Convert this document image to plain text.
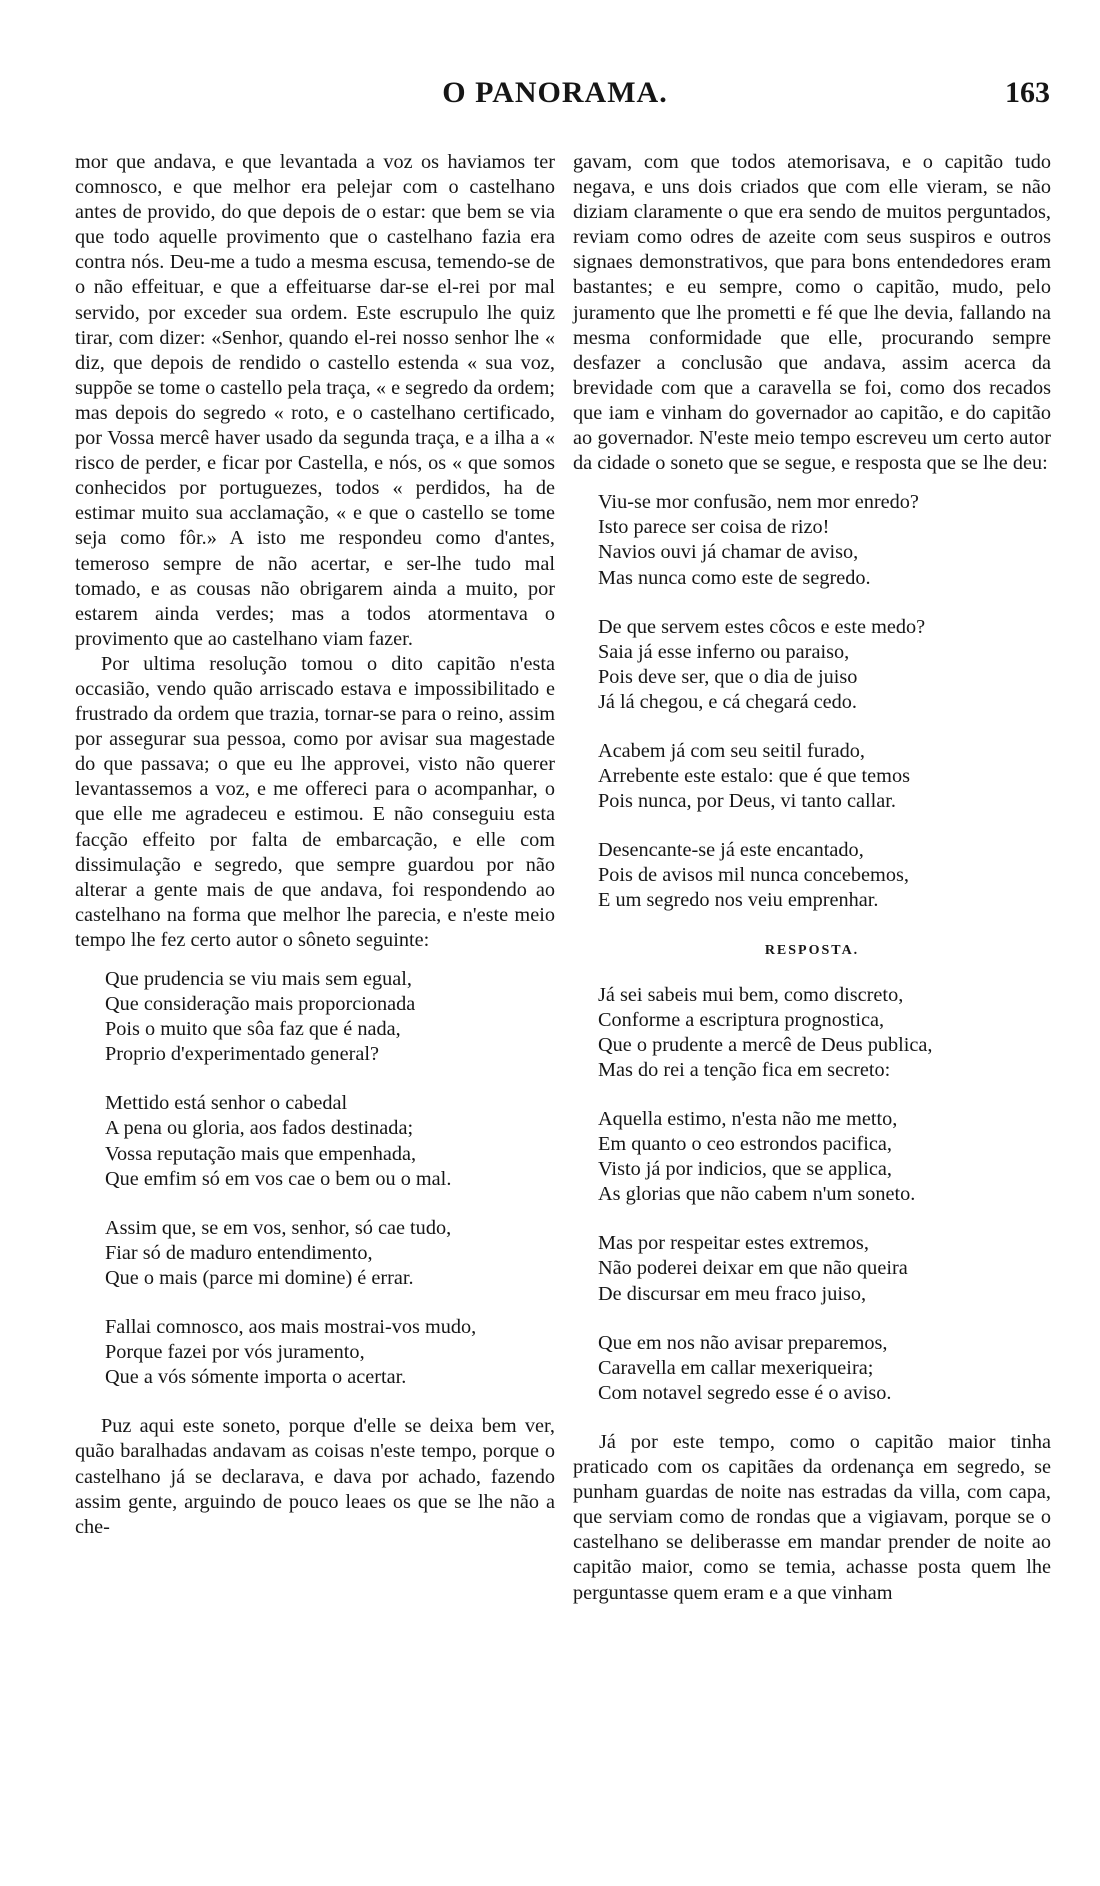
O PANORAMA.	163

mor que andava, e que levantada a voz os haviamos ter comnosco, e que melhor era pelejar com o castelhano antes de provido, do que depois de o estar: que bem se via que todo aquelle provimento que o castelhano fazia era contra nós. Deu-me a tudo a mesma escusa, temendo-se de o não effeituar, e que a effeituarse dar-se el-rei por mal servido, por exceder sua ordem. Este escrupulo lhe quiz tirar, com dizer: «Senhor, quando el-rei nosso senhor lhe « diz, que depois de rendido o castello estenda « sua voz, suppõe se tome o castello pela traça, « e segredo da ordem; mas depois do segredo « roto, e o castelhano certificado, por Vossa mercê haver usado da segunda traça, e a ilha a « risco de perder, e ficar por Castella, e nós, os « que somos conhecidos por portuguezes, todos « perdidos, ha de estimar muito sua acclamação, « e que o castello se tome seja como fôr.» A isto me respondeu como d'antes, temeroso sempre de não acertar, e ser-lhe tudo mal tomado, e as cousas não obrigarem ainda a muito, por estarem ainda verdes; mas a todos atormentava o provimento que ao castelhano viam fazer.

Por ultima resolução tomou o dito capitão n'esta occasião, vendo quão arriscado estava e impossibilitado e frustrado da ordem que trazia, tornar-se para o reino, assim por assegurar sua pessoa, como por avisar sua magestade do que passava; o que eu lhe approvei, visto não querer levantassemos a voz, e me offereci para o acompanhar, o que elle me agradeceu e estimou. E não conseguiu esta facção effeito por falta de embarcação, e elle com dissimulação e segredo, que sempre guardou por não alterar a gente mais de que andava, foi respondendo ao castelhano na forma que melhor lhe parecia, e n'este meio tempo lhe fez certo autor o sôneto seguinte:

Que prudencia se viu mais sem egual,
Que consideração mais proporcionada
Pois o muito que sôa faz que é nada,
Proprio d'experimentado general?
Mettido está senhor o cabedal
A pena ou gloria, aos fados destinada;
Vossa reputação mais que empenhada,
Que emfim só em vos cae o bem ou o mal.
Assim que, se em vos, senhor, só cae tudo,
Fiar só de maduro entendimento,
Que o mais (parce mi domine) é errar.
Fallai comnosco, aos mais mostrai-vos mudo,
Porque fazei por vós juramento,
Que a vós sómente importa o acertar.

Puz aqui este soneto, porque d'elle se deixa bem ver, quão baralhadas andavam as coisas n'este tempo, porque o castelhano já se declarava, e dava por achado, fazendo assim gente, arguindo de pouco leaes os que se lhe não a che-

gavam, com que todos atemorisava, e o capitão tudo negava, e uns dois criados que com elle vieram, se não diziam claramente o que era sendo de muitos perguntados, reviam como odres de azeite com seus suspiros e outros signaes demonstrativos, que para bons entendedores eram bastantes; e eu sempre, como o capitão, mudo, pelo juramento que lhe prometti e fé que lhe devia, fallando na mesma conformidade que elle, procurando sempre desfazer a conclusão que andava, assim acerca da brevidade com que a caravella se foi, como dos recados que iam e vinham do governador ao capitão, e do capitão ao governador. N'este meio tempo escreveu um certo autor da cidade o soneto que se segue, e resposta que se lhe deu:

Viu-se mor confusão, nem mor enredo?
Isto parece ser coisa de rizo!
Navios ouvi já chamar de aviso,
Mas nunca como este de segredo.
De que servem estes côcos e este medo?
Saia já esse inferno ou paraiso,
Pois deve ser, que o dia de juiso
Já lá chegou, e cá chegará cedo.
Acabem já com seu seitil furado,
Arrebente este estalo: que é que temos
Pois nunca, por Deus, vi tanto callar.
Desencante-se já este encantado,
Pois de avisos mil nunca concebemos,
E um segredo nos veiu emprenhar.
RESPOSTA.
Já sei sabeis mui bem, como discreto,
Conforme a escriptura prognostica,
Que o prudente a mercê de Deus publica,
Mas do rei a tenção fica em secreto:
Aquella estimo, n'esta não me metto,
Em quanto o ceo estrondos pacifica,
Visto já por indicios, que se applica,
As glorias que não cabem n'um soneto.
Mas por respeitar estes extremos,
Não poderei deixar em que não queira
De discursar em meu fraco juiso,
Que em nos não avisar preparemos,
Caravella em callar mexeriqueira;
Com notavel segredo esse é o aviso.

Já por este tempo, como o capitão maior tinha praticado com os capitães da ordenança em segredo, se punham guardas de noite nas estradas da villa, com capa, que serviam como de rondas que a vigiavam, porque se o castelhano se deliberasse em mandar prender de noite ao capitão maior, como se temia, achasse posta quem lhe perguntasse quem eram e a que vinham
